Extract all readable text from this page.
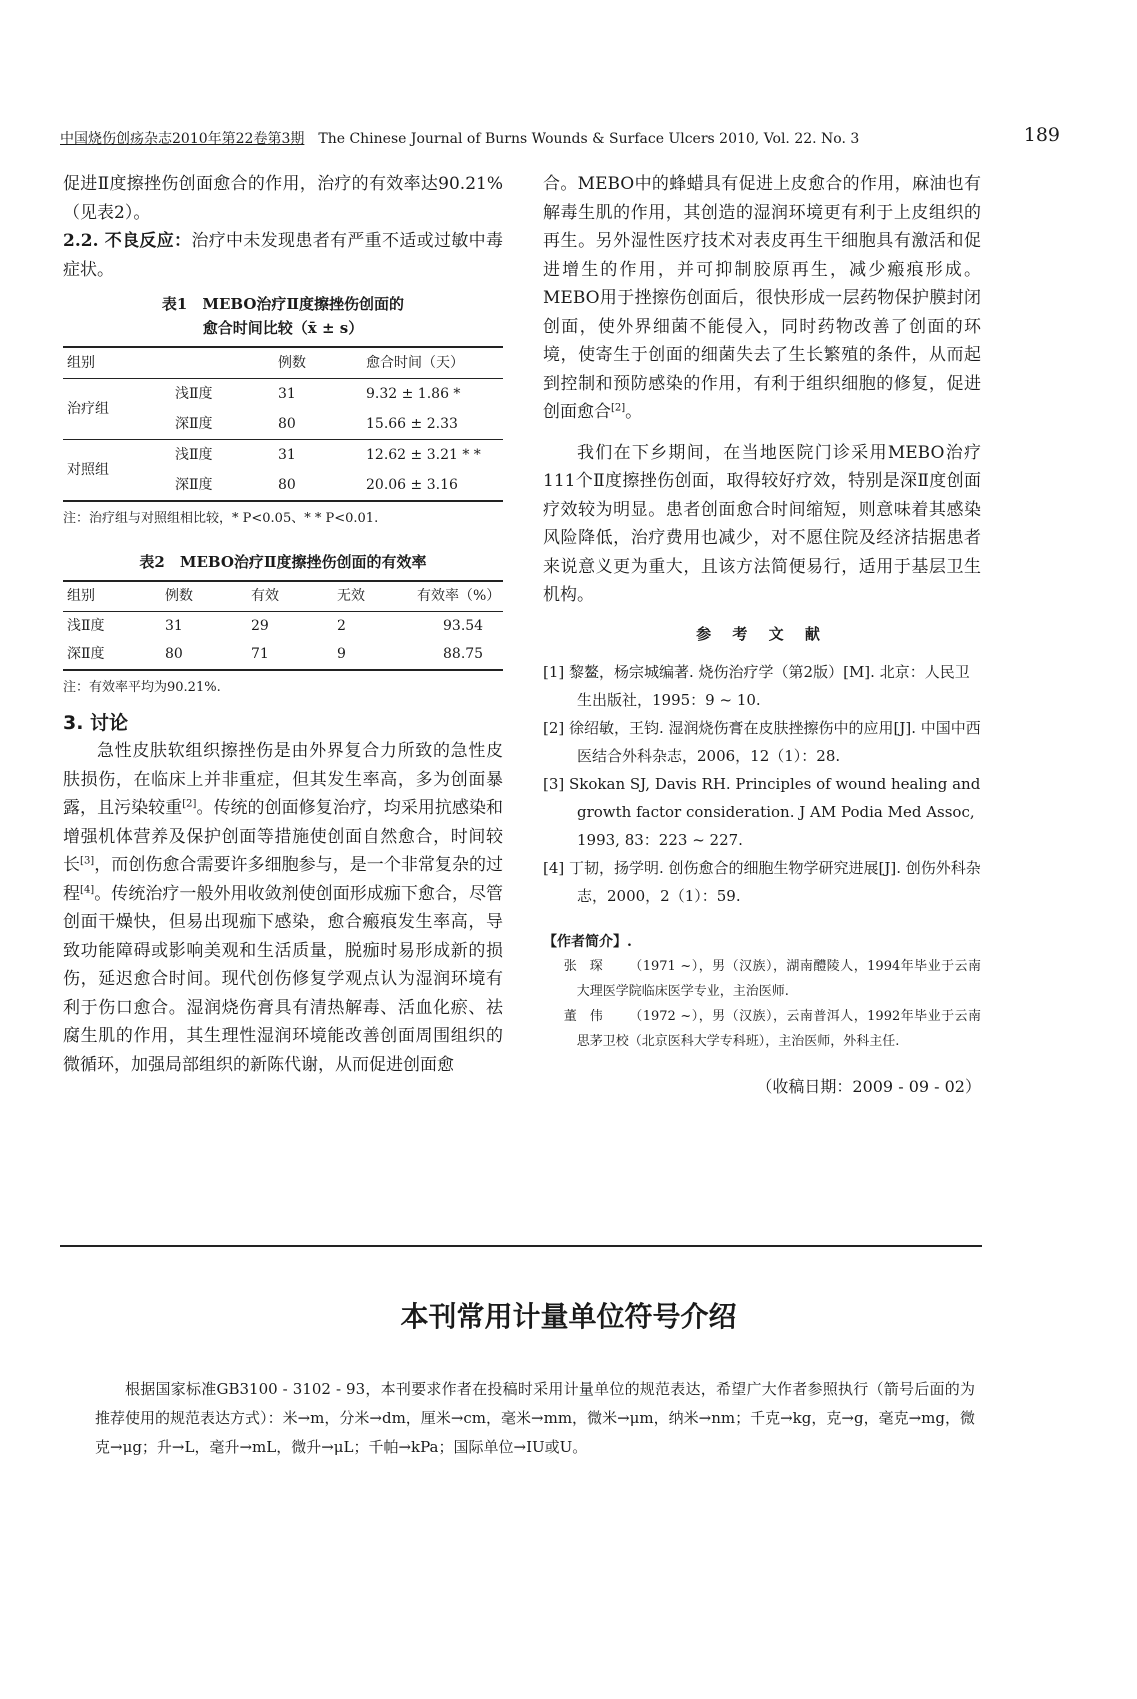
中国烧伤创疡杂志2010年第22卷第3期　 The Chinese Journal of Burns Wounds & Surface Ulcers 2010, Vol. 22. No. 3	189

促进Ⅱ度擦挫伤创面愈合的作用，治疗的有效率达90.21%（见表2）。

2.2. 不良反应：治疗中未发现患者有严重不适或过敏中毒症状。

表1　MEBO治疗Ⅱ度擦挫伤创面的
愈合时间比较（x̄ ± s）
组别		例数	愈合时间（天）
治疗组	浅Ⅱ度	31	9.32 ± 1.86 *
	深Ⅱ度	80	15.66 ± 2.33
对照组	浅Ⅱ度	31	12.62 ± 3.21 * *
	深Ⅱ度	80	20.06 ± 3.16
注：治疗组与对照组相比较，* P<0.05、* * P<0.01.
表2　MEBO治疗Ⅱ度擦挫伤创面的有效率
组别	例数	有效	无效	有效率（%）
浅Ⅱ度	31	29	2	93.54
深Ⅱ度	80	71	9	88.75
注：有效率平均为90.21%.
3. 讨论

急性皮肤软组织擦挫伤是由外界复合力所致的急性皮肤损伤，在临床上并非重症，但其发生率高，多为创面暴露，且污染较重[2]。传统的创面修复治疗，均采用抗感染和增强机体营养及保护创面等措施使创面自然愈合，时间较长[3]，而创伤愈合需要许多细胞参与，是一个非常复杂的过程[4]。传统治疗一般外用收敛剂使创面形成痂下愈合，尽管创面干燥快，但易出现痂下感染，愈合瘢痕发生率高，导致功能障碍或影响美观和生活质量，脱痂时易形成新的损伤，延迟愈合时间。现代创伤修复学观点认为湿润环境有利于伤口愈合。湿润烧伤膏具有清热解毒、活血化瘀、祛腐生肌的作用，其生理性湿润环境能改善创面周围组织的微循环，加强局部组织的新陈代谢，从而促进创面愈

合。MEBO中的蜂蜡具有促进上皮愈合的作用，麻油也有解毒生肌的作用，其创造的湿润环境更有利于上皮组织的再生。另外湿性医疗技术对表皮再生干细胞具有激活和促进增生的作用，并可抑制胶原再生，减少瘢痕形成。MEBO用于挫擦伤创面后，很快形成一层药物保护膜封闭创面，使外界细菌不能侵入，同时药物改善了创面的环境，使寄生于创面的细菌失去了生长繁殖的条件，从而起到控制和预防感染的作用，有利于组织细胞的修复，促进创面愈合[2]。

我们在下乡期间，在当地医院门诊采用MEBO治疗111个Ⅱ度擦挫伤创面，取得较好疗效，特别是深Ⅱ度创面疗效较为明显。患者创面愈合时间缩短，则意味着其感染风险降低，治疗费用也减少，对不愿住院及经济拮据患者来说意义更为重大，且该方法简便易行，适用于基层卫生机构。

参 考 文 献

[1] 黎鳌，杨宗城编著. 烧伤治疗学（第2版）[M]. 北京：人民卫生出版社，1995：9 ~ 10.

[2] 徐绍敏，王钧. 湿润烧伤膏在皮肤挫擦伤中的应用[J]. 中国中西医结合外科杂志，2006，12（1）：28.

[3] Skokan SJ, Davis RH. Principles of wound healing and growth factor consideration. J AM Podia Med Assoc, 1993, 83：223 ~ 227.

[4] 丁韧，扬学明. 创伤愈合的细胞生物学研究进展[J]. 创伤外科杂志，2000，2（1）：59.

【作者简介】.

张　琛 （1971 ~），男（汉族），湖南醴陵人，1994年毕业于云南大理医学院临床医学专业，主治医师.

董　伟 （1972 ~），男（汉族），云南普洱人，1992年毕业于云南思茅卫校（北京医科大学专科班），主治医师，外科主任.

（收稿日期：2009 - 09 - 02）
本刊常用计量单位符号介绍

根据国家标准GB3100 - 3102 - 93，本刊要求作者在投稿时采用计量单位的规范表达，希望广大作者参照执行（箭号后面的为推荐使用的规范表达方式）：米→m，分米→dm，厘米→cm，毫米→mm，微米→μm，纳米→nm；千克→kg，克→g，毫克→mg，微克→μg；升→L，毫升→mL，微升→μL；千帕→kPa；国际单位→IU或U。
